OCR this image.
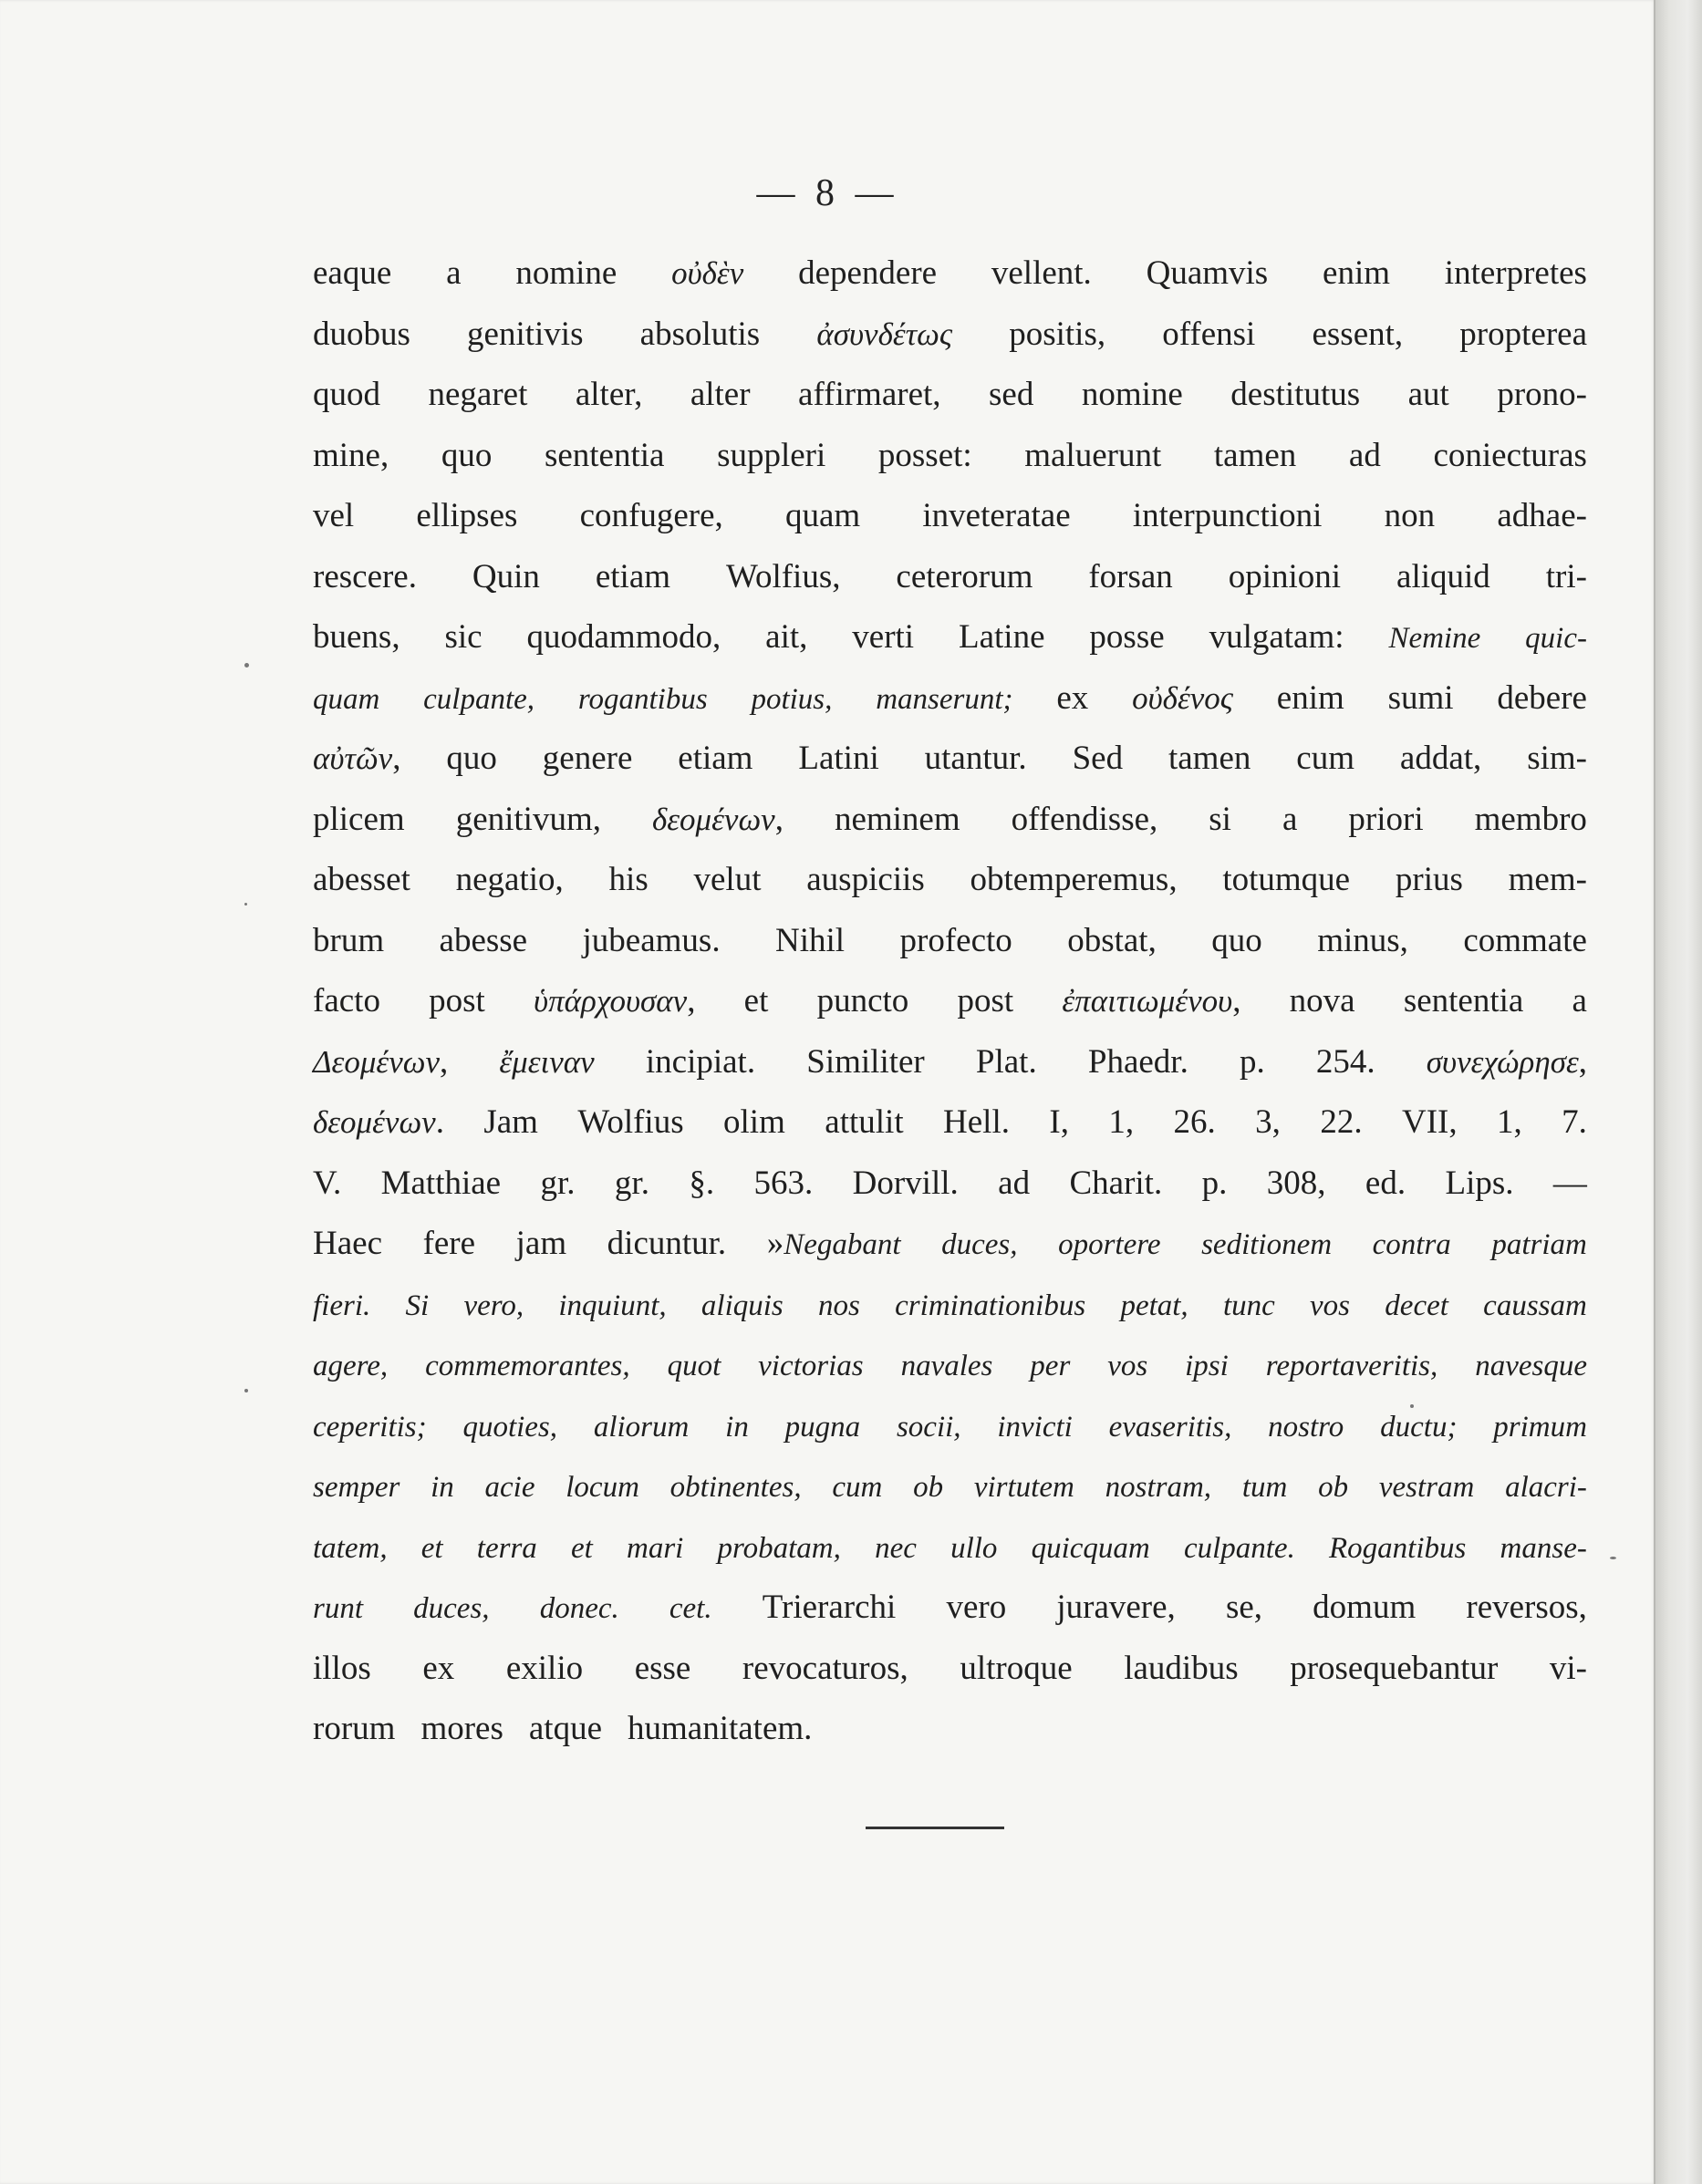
— 8 —
eaque a nomine οὐδὲν dependere vellent. Quamvis enim interpretes
duobus genitivis absolutis ἀσυνδέτως positis, offensi essent, propterea
quod negaret alter, alter affirmaret, sed nomine destitutus aut prono-
mine, quo sententia suppleri posset: maluerunt tamen ad coniecturas
vel ellipses confugere, quam inveteratae interpunctioni non adhae-
rescere. Quin etiam Wolfius, ceterorum forsan opinioni aliquid tri-
buens, sic quodammodo, ait, verti Latine posse vulgatam: Nemine quic-
quam culpante, rogantibus potius, manserunt; ex οὐδένος enim sumi debere
αὐτῶν, quo genere etiam Latini utantur. Sed tamen cum addat, sim-
plicem genitivum, δεομένων, neminem offendisse, si a priori membro
abesset negatio, his velut auspiciis obtemperemus, totumque prius mem-
brum abesse jubeamus. Nihil profecto obstat, quo minus, commate
facto post ὑπάρχουσαν, et puncto post ἐπαιτιωμένου, nova sententia a
Δεομένων, ἔμειναν incipiat. Similiter Plat. Phaedr. p. 254. συνεχώρησε,
δεομένων. Jam Wolfius olim attulit Hell. I, 1, 26. 3, 22. VII, 1, 7.
V. Matthiae gr. gr. §. 563. Dorvill. ad Charit. p. 308, ed. Lips. —
Haec fere jam dicuntur. »Negabant duces, oportere seditionem contra patriam
fieri. Si vero, inquiunt, aliquis nos criminationibus petat, tunc vos decet caussam
agere, commemorantes, quot victorias navales per vos ipsi reportaveritis, navesque
ceperitis; quoties, aliorum in pugna socii, invicti evaseritis, nostro ductu; primum
semper in acie locum obtinentes, cum ob virtutem nostram, tum ob vestram alacri-
tatem, et terra et mari probatam, nec ullo quicquam culpante. Rogantibus manse-
runt duces, donec. cet. Trierarchi vero juravere, se, domum reversos,
illos ex exilio esse revocaturos, ultroque laudibus prosequebantur vi-
rorum mores atque humanitatem.
